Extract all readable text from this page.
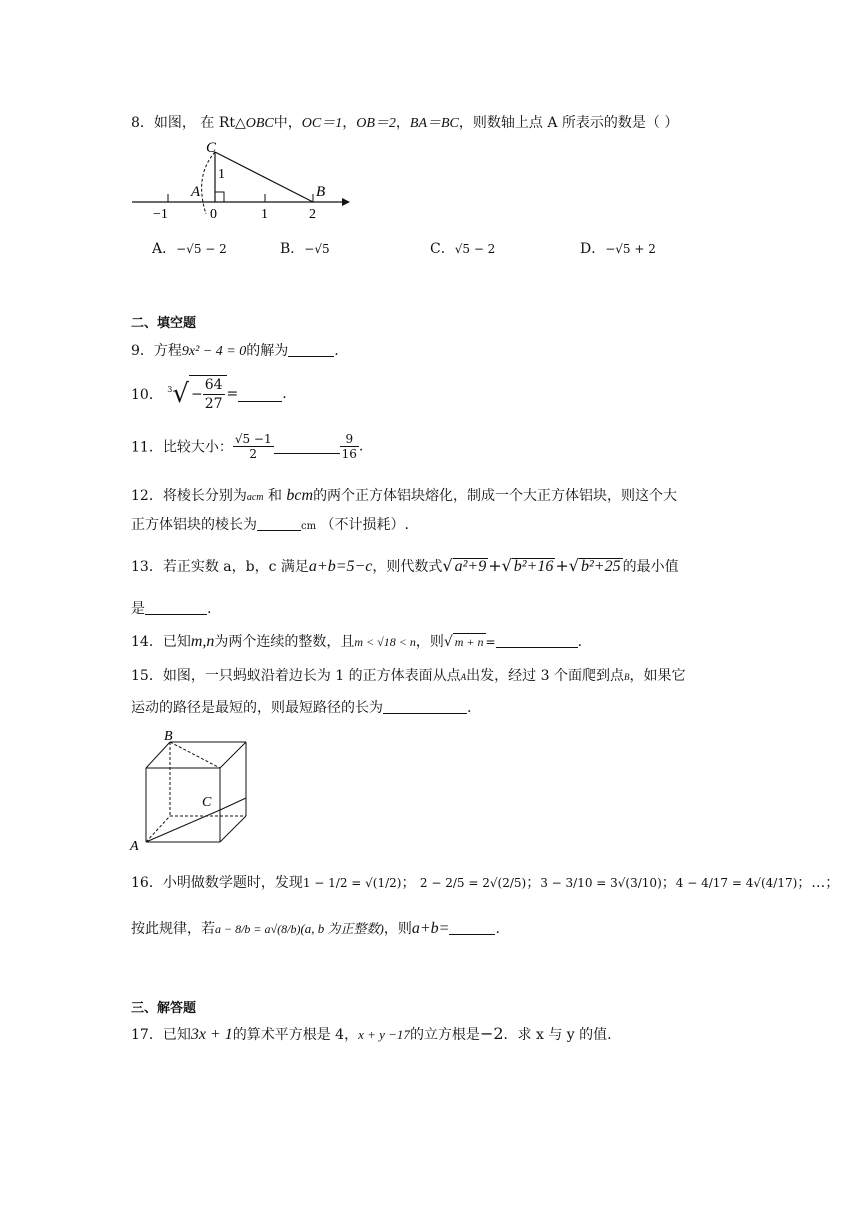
8．如图， 在 Rt△OBC中，OC＝1，OB＝2，BA＝BC，则数轴上点 A 所表示的数是（ ）
C
A	B
1
−1	0	1	2
A．−√5 − 2	B．−√5	C．√5 − 2	D．−√5 + 2
二、填空题
9．方程9x² − 4 = 0的解为	.
10． $^3√ - \frac{64}{27}$ =	.
11．比较大小： $\frac{√5 -1}{2}$	$\frac{9}{16}$ .
12．将棱长分别为acm 和 bcm的两个正方体铝块熔化，制成一个大正方体铝块，则这个大
正方体铝块的棱长为	cm （不计损耗）.
13．若正实数 a，b，c 满足a+b=5−c，则代数式√ a²+9 +√ b²+16 +√ b²+25 的最小值
是	.
14．已知m,n为两个连续的整数，且m < √18 < n，则√ m + n =	.
15．如图，一只蚂蚁沿着边长为 1 的正方体表面从点A出发，经过 3 个面爬到点B，如果它
运动的路径是最短的，则最短路径的长为	.
B
C
A
16．小明做数学题时，发现1 − 1/2 = √(1/2)； 2 − 2/5 = 2√(2/5)；3 − 3/10 = 3√(3/10)；4 − 4/17 = 4√(4/17)；…；
按此规律，若a − 8/b = a√(8/b)(a, b 为正整数)，则a+b=	.
三、解答题
17．已知3x + 1的算术平方根是 4，x + y −17的立方根是−2．求 x 与 y 的值.
